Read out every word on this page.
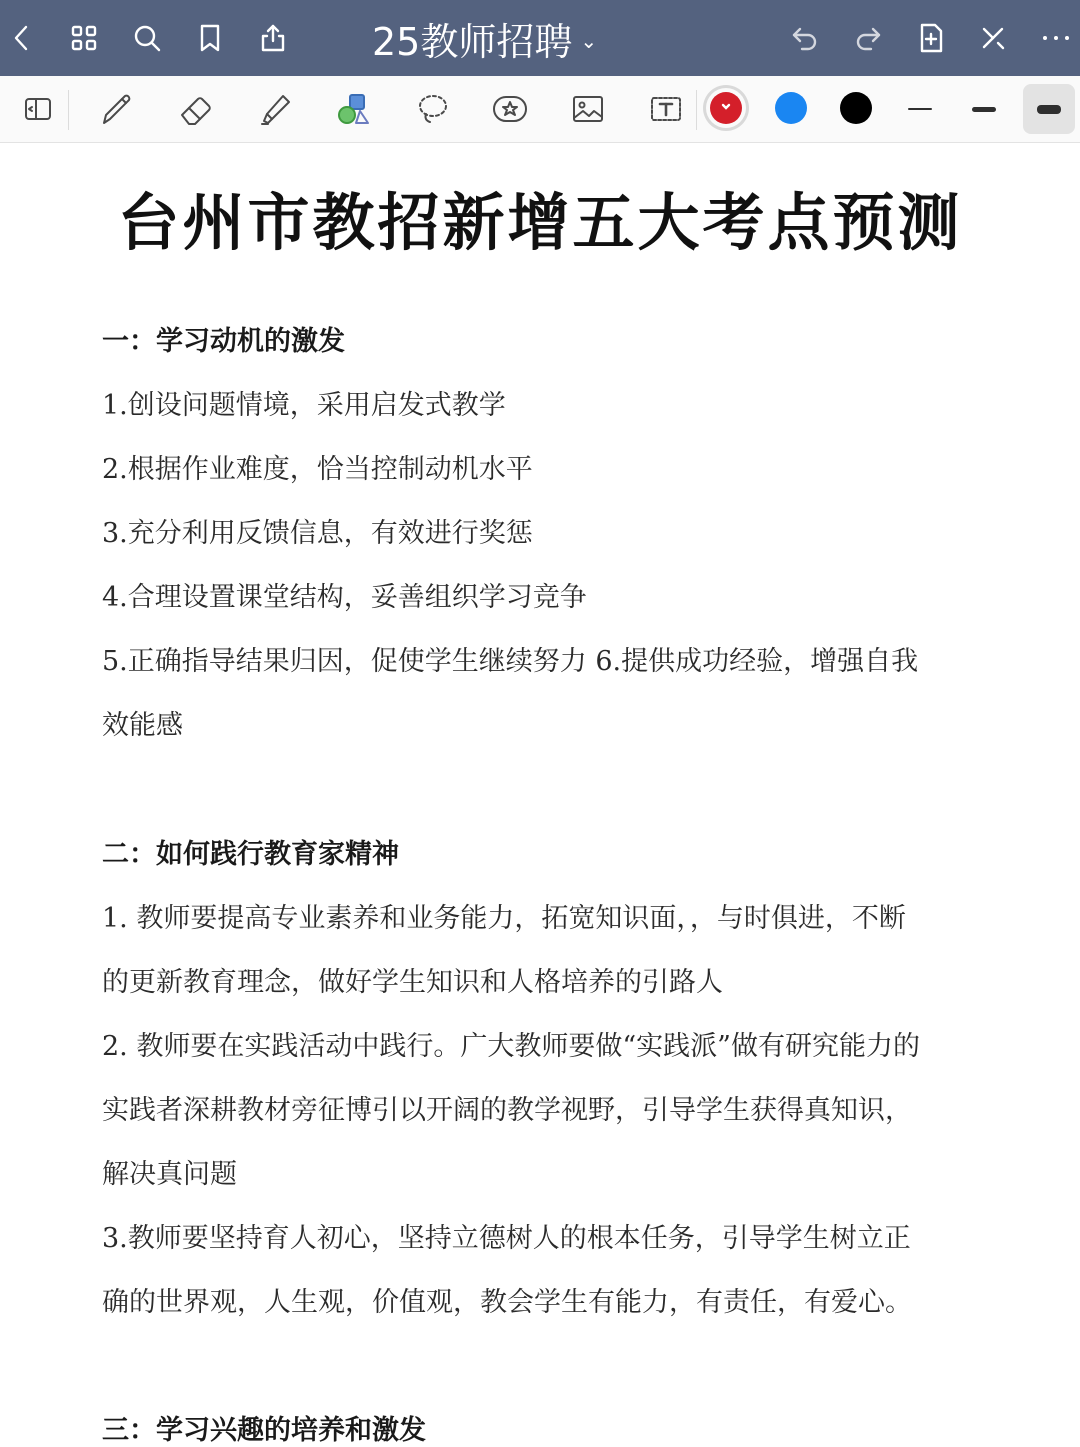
25教师招聘 ⌄
台州市教招新增五大考点预测
一：学习动机的激发
1.创设问题情境，采用启发式教学
2.根据作业难度，恰当控制动机水平
3.充分利用反馈信息，有效进行奖惩
4.合理设置课堂结构，妥善组织学习竞争
5.正确指导结果归因，促使学生继续努力 6.提供成功经验，增强自我
效能感
二：如何践行教育家精神
1. 教师要提高专业素养和业务能力，拓宽知识面，，与时俱进，不断
的更新教育理念，做好学生知识和人格培养的引路人
2. 教师要在实践活动中践行。广大教师要做“实践派”做有研究能力的
实践者深耕教材旁征博引以开阔的教学视野，引导学生获得真知识，
解决真问题
3.教师要坚持育人初心，坚持立德树人的根本任务，引导学生树立正
确的世界观，人生观，价值观，教会学生有能力，有责任，有爱心。
三：学习兴趣的培养和激发
